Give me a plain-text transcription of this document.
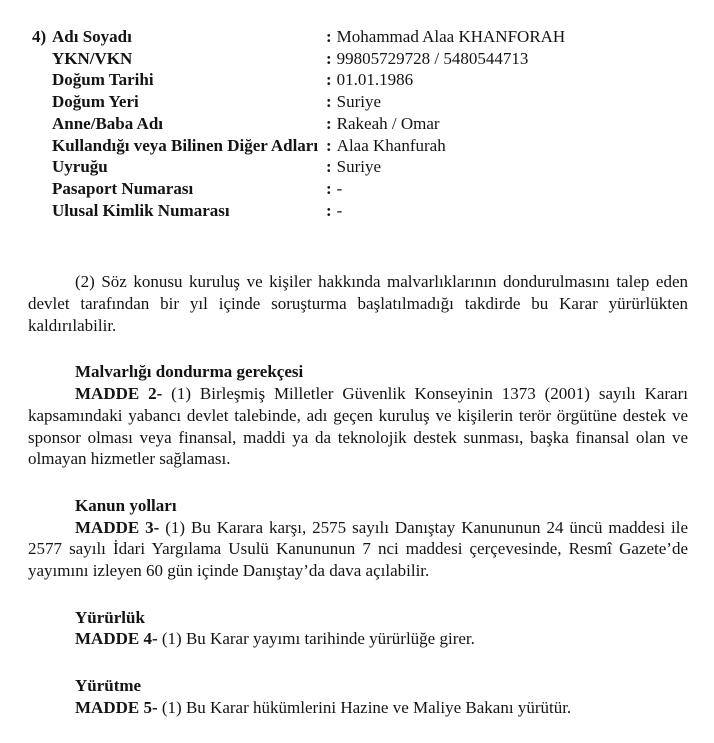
4) Adı Soyadı	: Mohammad Alaa KHANFORAH
YKN/VKN	: 99805729728 / 5480544713
Doğum Tarihi	: 01.01.1986
Doğum Yeri	: Suriye
Anne/Baba Adı	: Rakeah / Omar
Kullandığı veya Bilinen Diğer Adları : Alaa Khanfurah
Uyruğu	: Suriye
Pasaport Numarası	: -
Ulusal Kimlik Numarası	: -

(2) Söz konusu kuruluş ve kişiler hakkında malvarlıklarının dondurulmasını talep eden devlet tarafından bir yıl içinde soruşturma başlatılmadığı takdirde bu Karar yürürlükten kaldırılabilir.

Malvarlığı dondurma gerekçesi

MADDE 2- (1) Birleşmiş Milletler Güvenlik Konseyinin 1373 (2001) sayılı Kararı kapsamındaki yabancı devlet talebinde, adı geçen kuruluş ve kişilerin terör örgütüne destek ve sponsor olması veya finansal, maddi ya da teknolojik destek sunması, başka finansal olan ve olmayan hizmetler sağlaması.

Kanun yolları

MADDE 3- (1) Bu Karara karşı, 2575 sayılı Danıştay Kanununun 24 üncü maddesi ile 2577 sayılı İdari Yargılama Usulü Kanununun 7 nci maddesi çerçevesinde, Resmî Gazete’de yayımını izleyen 60 gün içinde Danıştay’da dava açılabilir.

Yürürlük

MADDE 4- (1) Bu Karar yayımı tarihinde yürürlüğe girer.

Yürütme

MADDE 5- (1) Bu Karar hükümlerini Hazine ve Maliye Bakanı yürütür.
